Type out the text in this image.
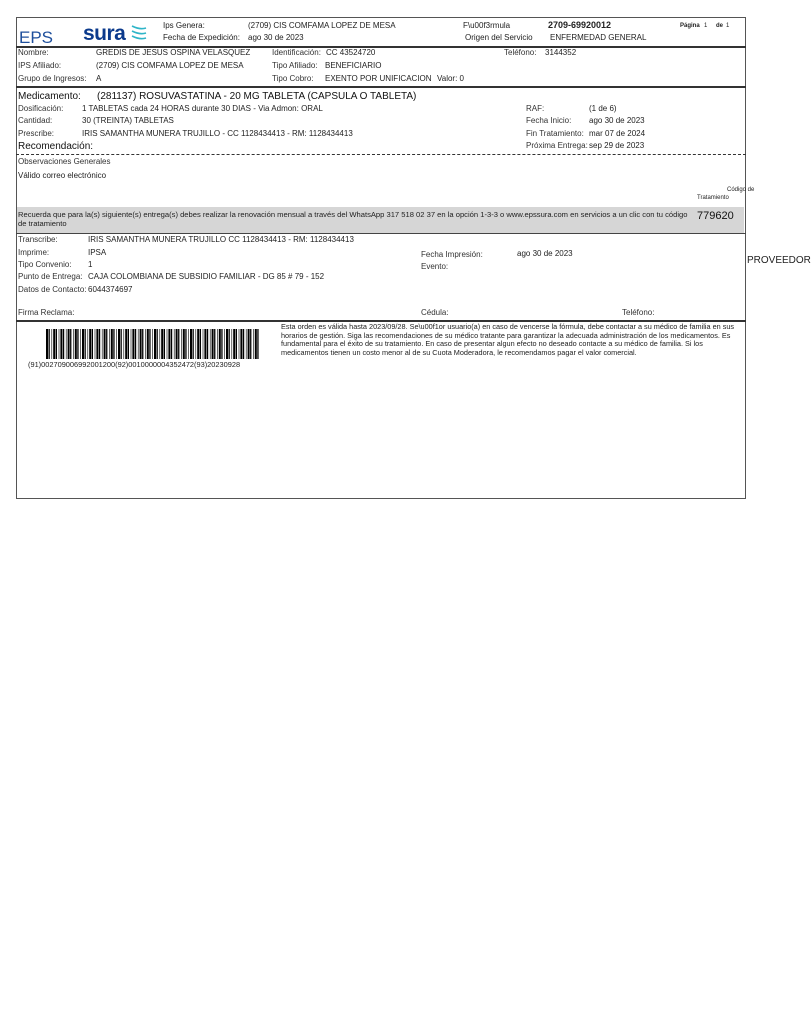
EPS sura	Ips Genera:	(2709) CIS COMFAMA LOPEZ DE MESA
Fecha de Expedición: ago 30 de 2023
F\u00f3rmula	2709-69920012	Página 1 de 1
Origen del Servicio ENFERMEDAD GENERAL
Nombre:	GREDIS DE JESUS OSPINA VELASQUEZ	Identificación: CC 43524720	Teléfono: 3144352
IPS Afiliado:	(2709) CIS COMFAMA LOPEZ DE MESA	Tipo Afiliado: BENEFICIARIO
Grupo de Ingresos: A	Tipo Cobro: EXENTO POR UNIFICACION Valor: 0
Medicamento: (281137) ROSUVASTATINA - 20 MG TABLETA (CAPSULA O TABLETA)
Dosificación: 1 TABLETAS cada 24 HORAS durante 30 DIAS - Via Admon: ORAL
Cantidad:	30 (TREINTA) TABLETAS
Prescribe:	IRIS SAMANTHA MUNERA TRUJILLO - CC 1128434413 - RM: 1128434413
Recomendación:
RAF:	(1 de 6)
Fecha Inicio: ago 30 de 2023
Fin Tratamiento: mar 07 de 2024
Próxima Entrega: sep 29 de 2023
Observaciones Generales
Válido correo electrónico
Código de
Tratamiento
Recuerda que para la(s) siguiente(s) entrega(s) debes realizar la renovación mensual a través del WhatsApp 317 518 02 37 en la opción 1-3-3 o www.epssura.com en servicios a un clic con tu código
de tratamiento
779620
Transcribe:	IRIS SAMANTHA MUNERA TRUJILLO CC 1128434413 - RM: 1128434413
Imprime:	IPSA
Tipo Convenio: 1
Punto de Entrega: CAJA COLOMBIANA DE SUBSIDIO FAMILIAR - DG 85 # 79 - 152
Datos de Contacto: 6044374697
Fecha Impresión:	ago 30 de 2023
Evento:
Firma Reclama:	Cédula:	Teléfono:
PROVEEDOR
(91)002709006992001200(92)0010000004352472(93)20230928
Esta orden es válida hasta 2023/09/28. Se\u00f1or usuario(a) en caso de vencerse la fórmula, debe contactar a su médico de familia en sus horarios de gestión. Siga las recomendaciones de su médico tratante para garantizar la adecuada administración de los medicamentos. Es fundamental para el éxito de su tratamiento. En caso de presentar algun efecto no deseado contacte a su médico de familia. Si los medicamentos tienen un costo menor al de su Cuota Moderadora, le recomendamos pagar el valor comercial.
